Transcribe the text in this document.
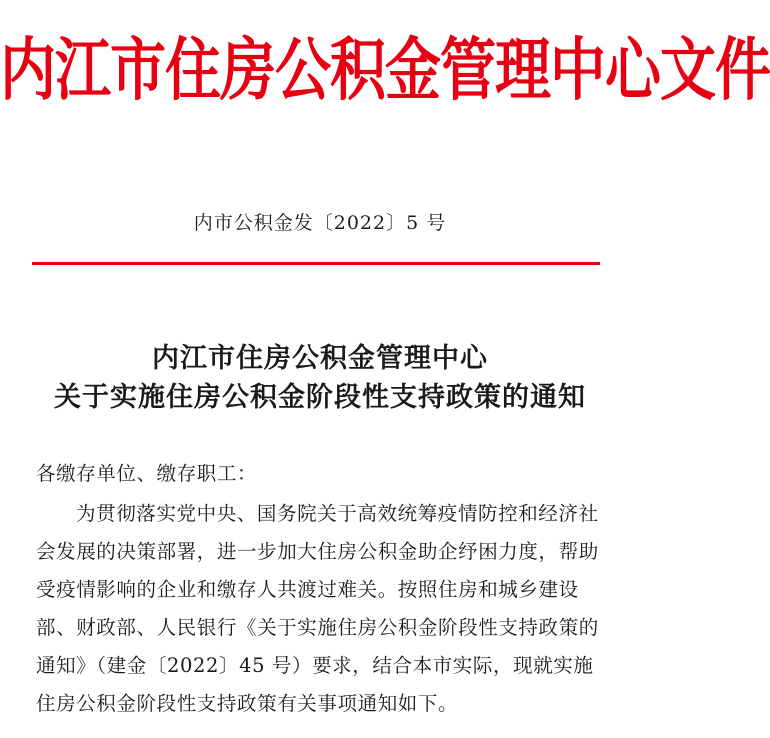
内江市住房公积金管理中心文件
内市公积金发〔2022〕5 号
内江市住房公积金管理中心
关于实施住房公积金阶段性支持政策的通知
各缴存单位、缴存职工：
为贯彻落实党中央、国务院关于高效统筹疫情防控和经济社
会发展的决策部署，进一步加大住房公积金助企纾困力度，帮助
受疫情影响的企业和缴存人共渡过难关。按照住房和城乡建设
部、财政部、人民银行《关于实施住房公积金阶段性支持政策的
通知》（建金〔2022〕45 号）要求，结合本市实际，现就实施
住房公积金阶段性支持政策有关事项通知如下。
